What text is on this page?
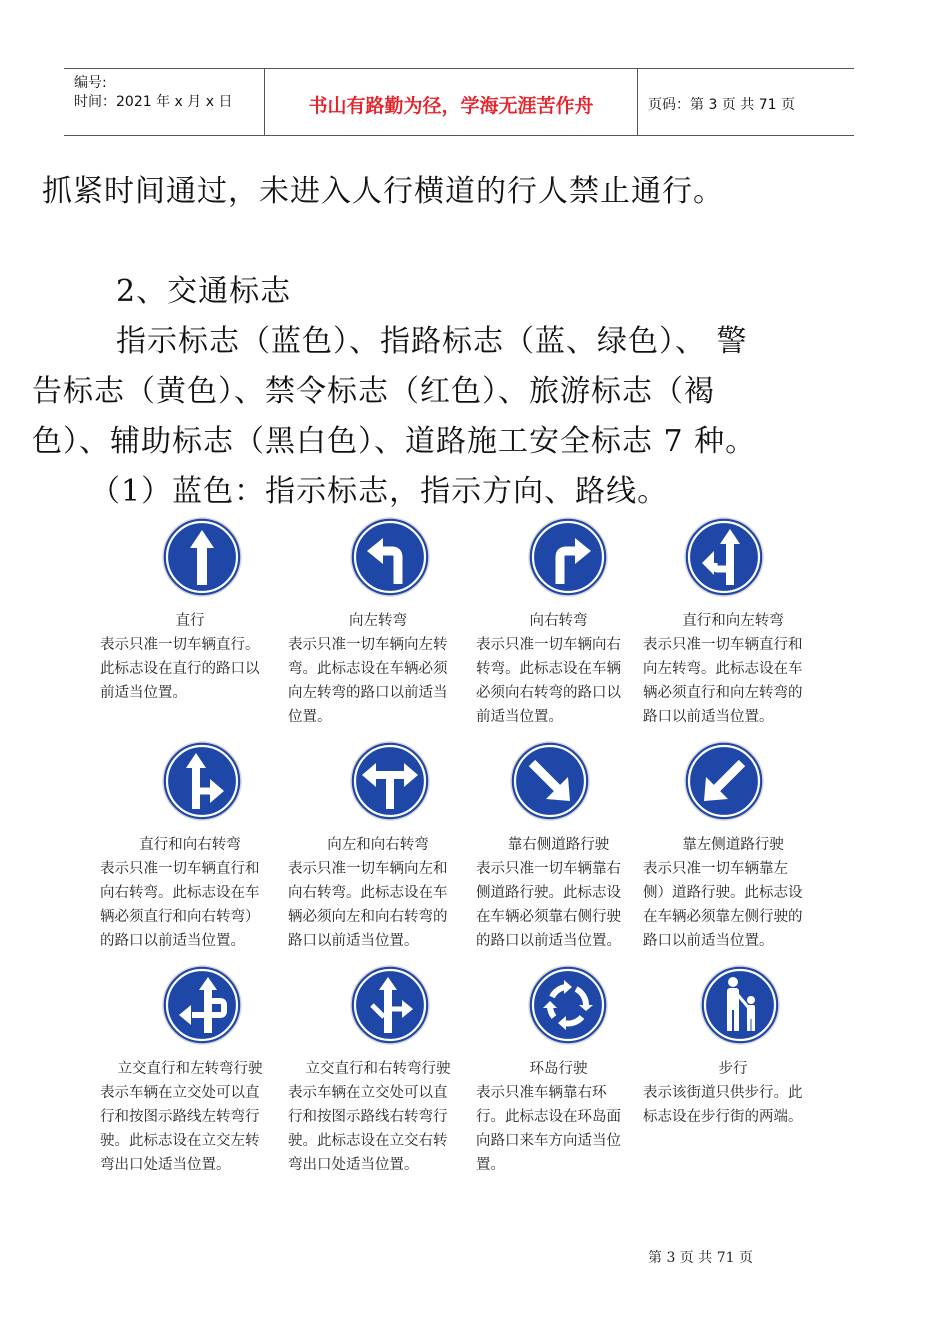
编号:
时间：2021 年 x 月 x 日	书山有路勤为径，学海无涯苦作舟	页码：第 3 页 共 71 页
抓紧时间通过，未进入人行横道的行人禁止通行。
2、交通标志
指示标志（蓝色）、指路标志（蓝、绿色）、 警
告标志（黄色）、禁令标志（红色）、旅游标志（褐
色）、辅助标志（黑白色）、道路施工安全标志 7 种。
（1）蓝色：指示标志，指示方向、路线。
直行
表示只准一切车辆直行。
此标志设在直行的路口以
前适当位置。
向左转弯
表示只准一切车辆向左转
弯。此标志设在车辆必须
向左转弯的路口以前适当
位置。
向右转弯
表示只准一切车辆向右
转弯。此标志设在车辆
必须向右转弯的路口以
前适当位置。
直行和向左转弯
表示只准一切车辆直行和
向左转弯。此标志设在车
辆必须直行和向左转弯的
路口以前适当位置。
直行和向右转弯
表示只准一切车辆直行和
向右转弯。此标志设在车
辆必须直行和向右转弯）
的路口以前适当位置。
向左和向右转弯
表示只准一切车辆向左和
向右转弯。此标志设在车
辆必须向左和向右转弯的
路口以前适当位置。
靠右侧道路行驶
表示只准一切车辆靠右
侧道路行驶。此标志设
在车辆必须靠右侧行驶
的路口以前适当位置。
靠左侧道路行驶
表示只准一切车辆靠左
侧）道路行驶。此标志设
在车辆必须靠左侧行驶的
路口以前适当位置。
立交直行和左转弯行驶
表示车辆在立交处可以直
行和按图示路线左转弯行
驶。此标志设在立交左转
弯出口处适当位置。
立交直行和右转弯行驶
表示车辆在立交处可以直
行和按图示路线右转弯行
驶。此标志设在立交右转
弯出口处适当位置。
环岛行驶
表示只准车辆靠右环
行。此标志设在环岛面
向路口来车方向适当位
置。
步行
表示该街道只供步行。此
标志设在步行街的两端。
第 3 页 共 71 页
